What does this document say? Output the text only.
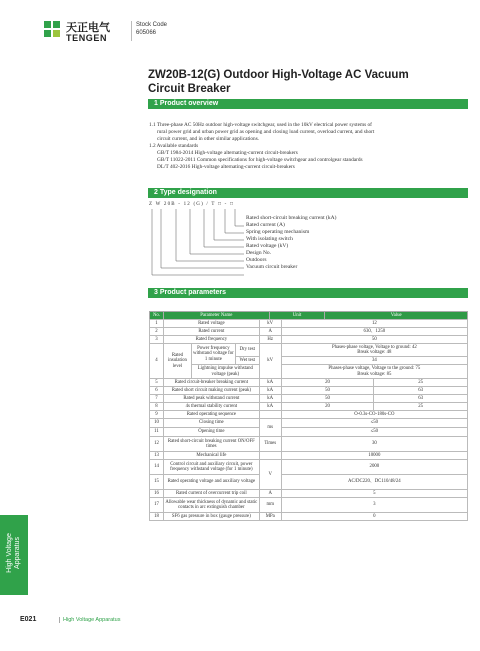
天正电气
TENGEN
Stock Code
605066
ZW20B-12(G) Outdoor High-Voltage AC Vacuum
Circuit Breaker
1 Product overview
1.1 Three-phase AC 50Hz outdoor high-voltage switchgear, used in the 10kV electrical power systems of
rural power grid and urban power grid as opening and closing load current, overload current, and short
circuit current, and in other similar applications.
1.2 Available standards
GB/T 1984-2014 High-voltage alternating-current circuit-breakers
GB/T 11022-2011 Common specifications for high-voltage switchgear and controlgear standards
DL/T 402-2016 High-voltage alternating-current circuit-breakers
2 Type designation
Z W 20B - 12 (G) / T □ - □
Rated short-circuit breaking current (kA)
Rated current (A)
Spring operating mechanism
With isolating switch
Rated voltage (kV)
Design No.
Outdoors
Vacuum circuit breaker
3 Product parameters
No.	Parameter Name	Unit	Value
1	Rated voltage			kV	12	
2	Rated current			A	630、1250	
3	Rated frequency			Hz	50	
4	Rated insulation level	Power frequency withstand voltage for 1 minute	Dry test	kV	Phases-phase voltage, Voltage to ground: 42
Break voltage: 48	

			Wet test		34	
		Lightning impulse withstand voltage (peak)			Phases-phase voltage, Voltage to the ground: 75
Break voltage: 85	

5	Rated circuit-breaker breaking current			kA	20	25
6	Rated short circuit making current (peak)			kA	50	63
7	Rated peak withstand current			kA	50	63
8	4s thermal stability current			kA	20	25
9	Rated operating sequence				O-0.3s-CO-180s-CO	
10	Closing time			ms	≤50	
11	Opening time				≤50	
12	Rated short-circuit breaking current ON/OFF times			Times	30	
13	Mechanical life				10000	
14	Control circuit and auxiliary circuit, power frequency withstand voltage (for 1 minute)			V	2000	
15	Rated operating voltage and auxiliary voltage				AC/DC220、DC110/48/24	
16	Rated current of overcurrent trip coil			A	5	
17	Allowable wear thickness of dynamic and static contacts in arc extinguish chamber			mm	3	
18	SF6 gas pressure in box (gauge pressure)			MPa	0	
High Voltage Apparatus
E021	High Voltage Apparatus
